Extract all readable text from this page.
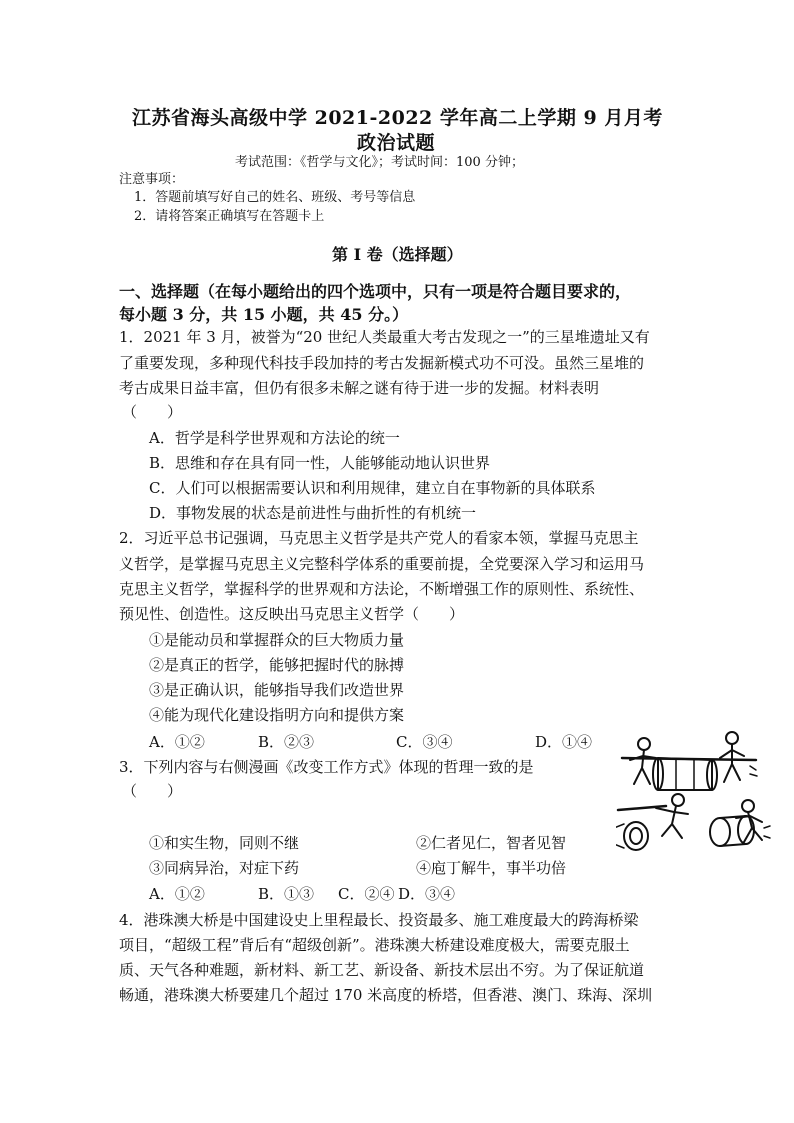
江苏省海头高级中学 2021-2022 学年高二上学期 9 月月考
政治试题
考试范围：《哲学与文化》；考试时间：100 分钟；
注意事项：
1．答题前填写好自己的姓名、班级、考号等信息
2．请将答案正确填写在答题卡上
第 I 卷（选择题）
一、选择题（在每小题给出的四个选项中，只有一项是符合题目要求的，
每小题 3 分，共 15 小题，共 45 分。）
1．2021 年 3 月，被誉为“20 世纪人类最重大考古发现之一”的三星堆遗址又有
了重要发现，多种现代科技手段加持的考古发掘新模式功不可没。虽然三星堆的
考古成果日益丰富，但仍有很多未解之谜有待于进一步的发掘。材料表明
（　　）
A．哲学是科学世界观和方法论的统一
B．思维和存在具有同一性，人能够能动地认识世界
C．人们可以根据需要认识和利用规律，建立自在事物新的具体联系
D．事物发展的状态是前进性与曲折性的有机统一
2．习近平总书记强调，马克思主义哲学是共产党人的看家本领，掌握马克思主
义哲学，是掌握马克思主义完整科学体系的重要前提，全党要深入学习和运用马
克思主义哲学，掌握科学的世界观和方法论，不断增强工作的原则性、系统性、
预见性、创造性。这反映出马克思主义哲学（　　）
①是能动员和掌握群众的巨大物质力量
②是真正的哲学，能够把握时代的脉搏
③是正确认识，能够指导我们改造世界
④能为现代化建设指明方向和提供方案
A．①②	B．②③	C．③④	D．①④
3．下列内容与右侧漫画《改变工作方式》体现的哲理一致的是
（　　）
①和实生物，同则不继	②仁者见仁，智者见智
③同病异治，对症下药	④庖丁解牛，事半功倍
A．①②	B．①③ C．②④ D．③④
4．港珠澳大桥是中国建设史上里程最长、投资最多、施工难度最大的跨海桥梁
项目，“超级工程”背后有“超级创新”。港珠澳大桥建设难度极大，需要克服土
质、天气各种难题，新材料、新工艺、新设备、新技术层出不穷。为了保证航道
畅通，港珠澳大桥要建几个超过 170 米高度的桥塔，但香港、澳门、珠海、深圳
